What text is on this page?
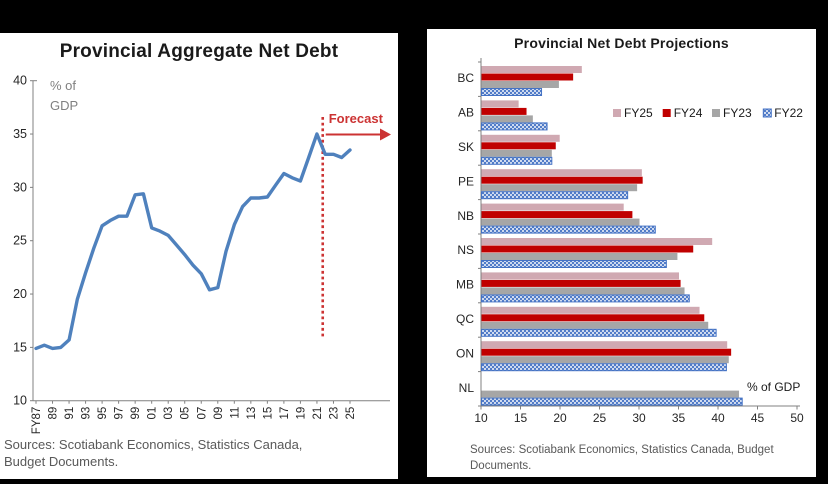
Provincial Aggregate Net Debt
40
35
30
25
20
15
10
FY87 89 91 93 95 97 99 01 03 05 07 09 11 13 15 17 19 21 23 25
% of
GDP
Forecast
Sources: Scotiabank Economics, Statistics Canada,
Budget Documents.
Provincial Net Debt Projections
10 15 20 25 30 35 40 45 50
BC
AB
SK
PE
NB
NS
MB
QC
ON
NL
FY25 FY24 FY23 FY22
% of GDP
Sources: Scotiabank Economics, Statistics Canada, Budget
Documents.
